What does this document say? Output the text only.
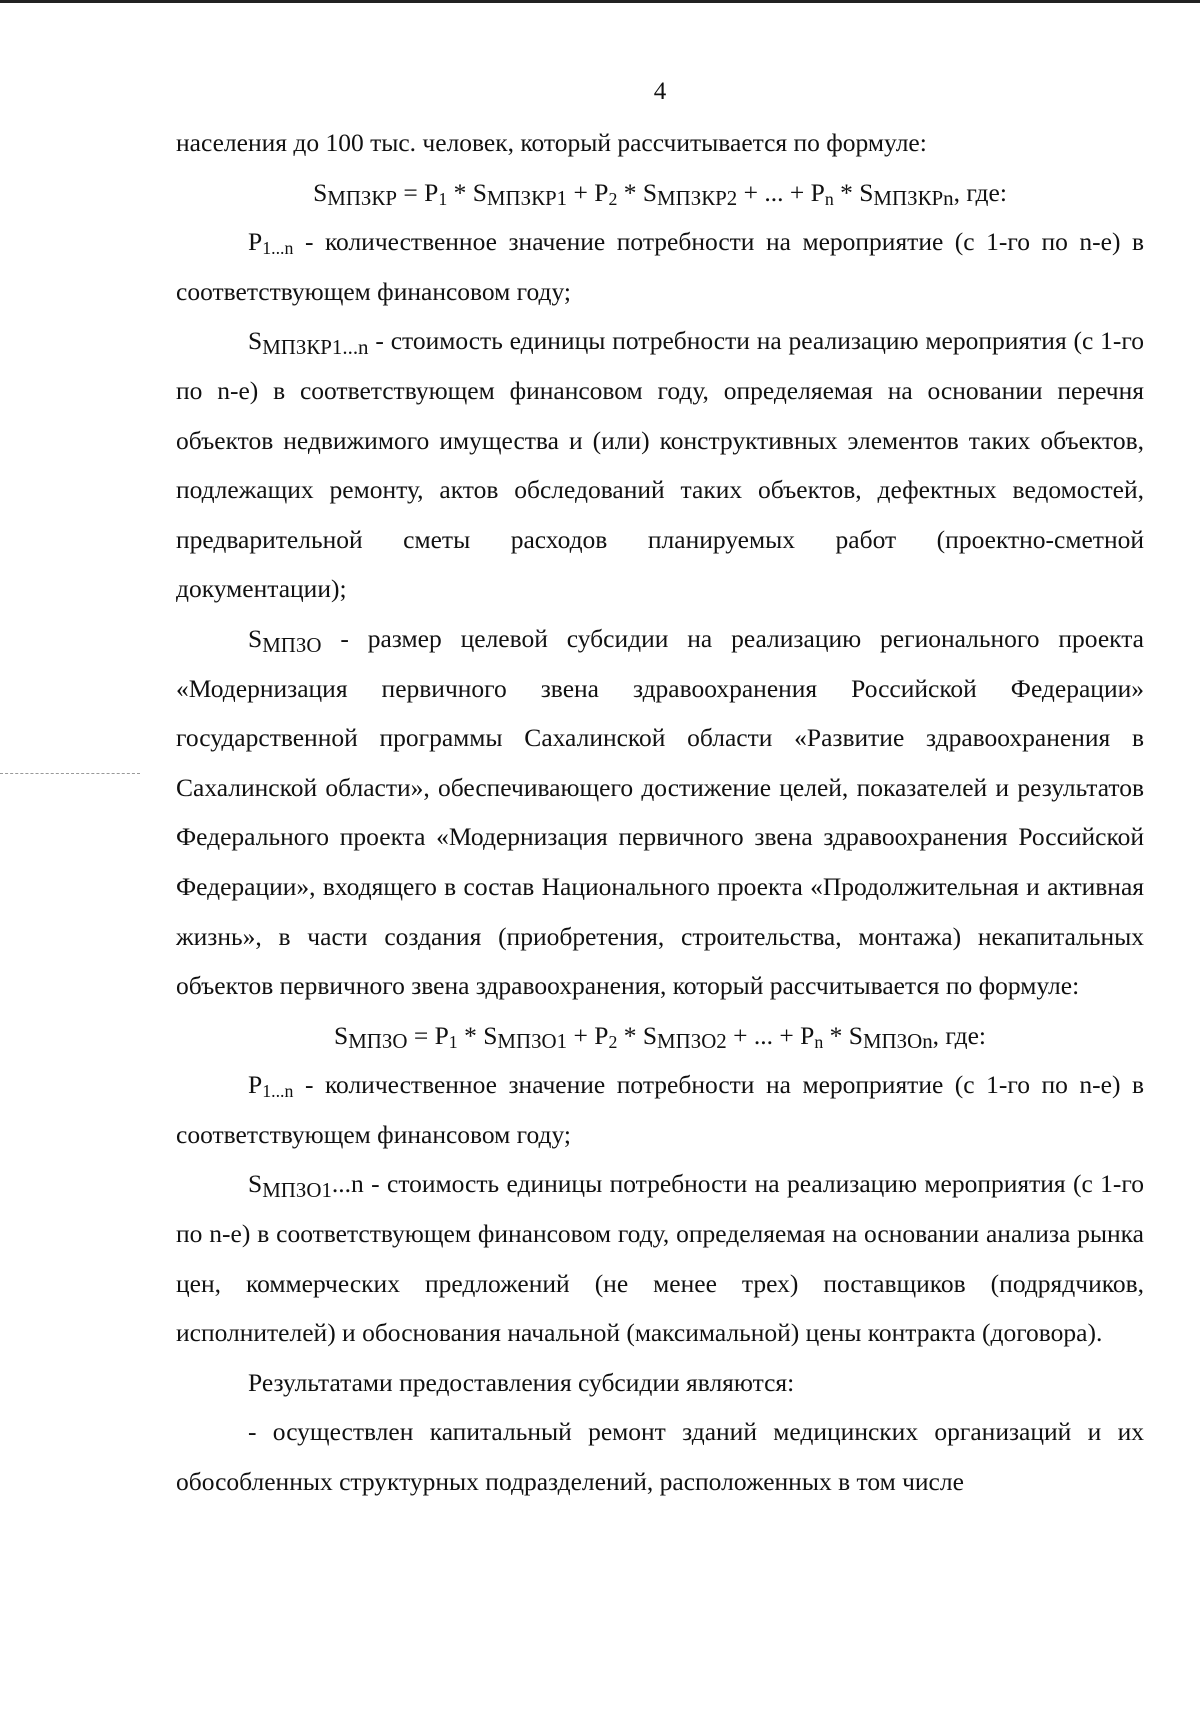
4

населения до 100 тыс. человек, который рассчитывается по формуле:

$S_{МПЗКР} = P_1 * S_{МПЗКР1} + P_2 * S_{МПЗКР2}$ + ... + $P_n * S_{МПЗКРn}$, где:

$P_{1...n}$ - количественное значение потребности на мероприятие (с 1-го по n-е) в соответствующем финансовом году;

$S_{МПЗКР1...n}$ - стоимость единицы потребности на реализацию мероприятия (с 1-го по n-е) в соответствующем финансовом году, определяемая на основании перечня объектов недвижимого имущества и (или) конструктивных элементов таких объектов, подлежащих ремонту, актов обследований таких объектов, дефектных ведомостей, предварительной сметы расходов планируемых работ (проектно-сметной документации);

$S_{МПЗО}$ - размер целевой субсидии на реализацию регионального проекта «Модернизация первичного звена здравоохранения Российской Федерации» государственной программы Сахалинской области «Развитие здравоохранения в Сахалинской области», обеспечивающего достижение целей, показателей и результатов Федерального проекта «Модернизация первичного звена здравоохранения Российской Федерации», входящего в состав Национального проекта «Продолжительная и активная жизнь», в части создания (приобретения, строительства, монтажа) некапитальных объектов первичного звена здравоохранения, который рассчитывается по формуле:

$S_{МПЗО} = P_1 * S_{МПЗО1} + P_2 * S_{МПЗО2}$ + ... + $P_n * S_{МПЗОn}$, где:

$P_{1...n}$ - количественное значение потребности на мероприятие (с 1-го по n-е) в соответствующем финансовом году;

$S_{МПЗО1}...n$ - стоимость единицы потребности на реализацию мероприятия (с 1-го по n-е) в соответствующем финансовом году, определяемая на основании анализа рынка цен, коммерческих предложений (не менее трех) поставщиков (подрядчиков, исполнителей) и обоснования начальной (максимальной) цены контракта (договора).

Результатами предоставления субсидии являются:

- осуществлен капитальный ремонт зданий медицинских организаций и их обособленных структурных подразделений, расположенных в том числе
